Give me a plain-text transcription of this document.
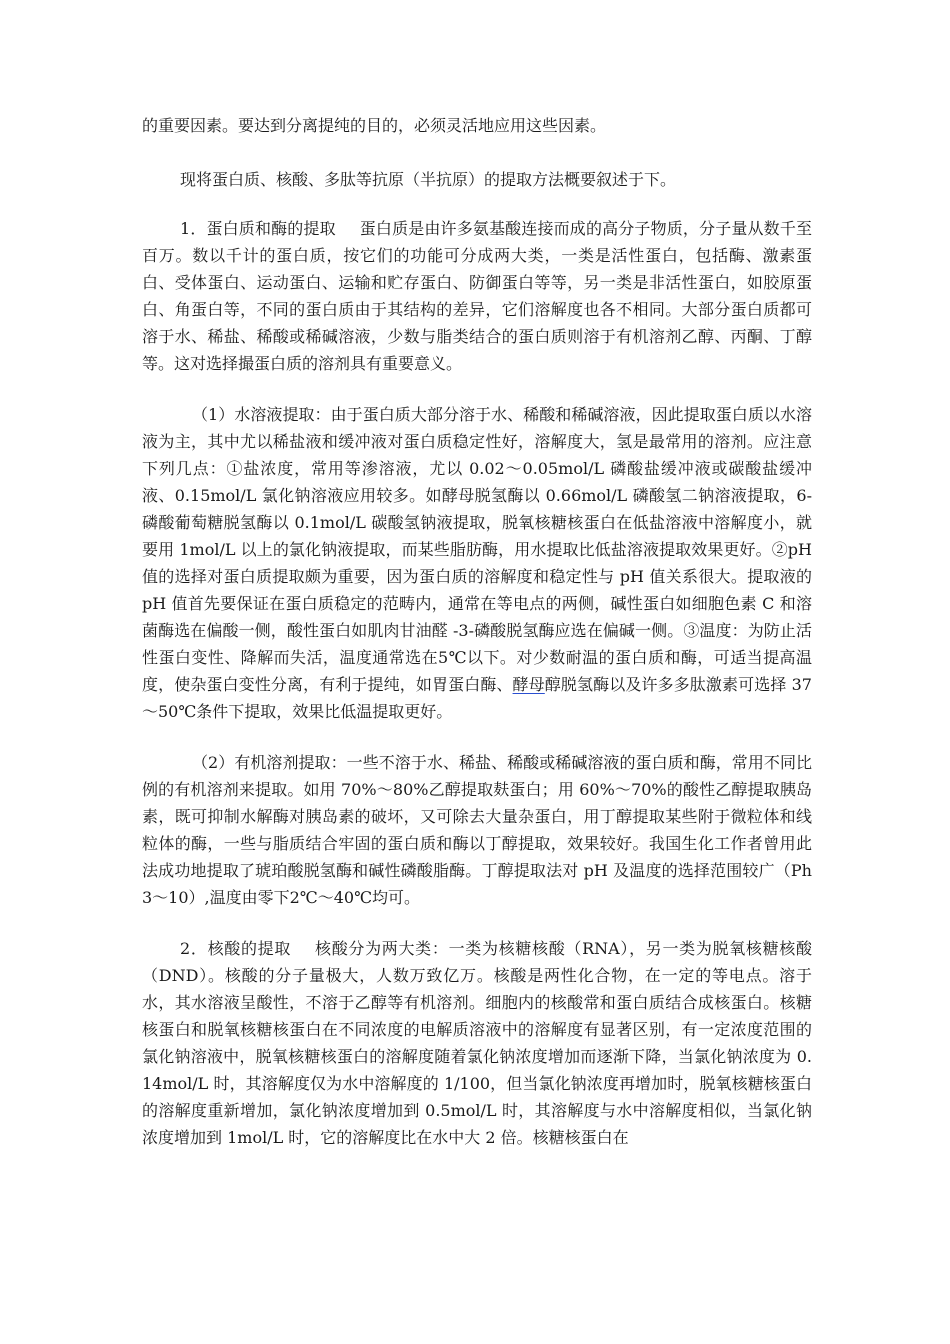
的重要因素。要达到分离提纯的目的，必须灵活地应用这些因素。

现将蛋白质、核酸、多肽等抗原（半抗原）的提取方法概要叙述于下。

1．蛋白质和酶的提取 蛋白质是由许多氨基酸连接而成的高分子物质，分子量从数千至百万。数以千计的蛋白质，按它们的功能可分成两大类，一类是活性蛋白，包括酶、激素蛋白、受体蛋白、运动蛋白、运输和贮存蛋白、防御蛋白等等，另一类是非活性蛋白，如胶原蛋白、角蛋白等，不同的蛋白质由于其结构的差异，它们溶解度也各不相同。大部分蛋白质都可溶于水、稀盐、稀酸或稀碱溶液，少数与脂类结合的蛋白质则溶于有机溶剂乙醇、丙酮、丁醇等。这对选择撮蛋白质的溶剂具有重要意义。

（1）水溶液提取：由于蛋白质大部分溶于水、稀酸和稀碱溶液，因此提取蛋白质以水溶液为主，其中尤以稀盐液和缓冲液对蛋白质稳定性好，溶解度大，氢是最常用的溶剂。应注意下列几点：①盐浓度，常用等渗溶液，尤以 0.02～0.05mol/L 磷酸盐缓冲液或碳酸盐缓冲液、0.15mol/L 氯化钠溶液应用较多。如酵母脱氢酶以 0.66mol/L 磷酸氢二钠溶液提取，6-磷酸葡萄糖脱氢酶以 0.1mol/L 碳酸氢钠液提取，脱氧核糖核蛋白在低盐溶液中溶解度小，就要用 1mol/L 以上的氯化钠液提取，而某些脂肪酶，用水提取比低盐溶液提取效果更好。②pH 值的选择对蛋白质提取颇为重要，因为蛋白质的溶解度和稳定性与 pH 值关系很大。提取液的 pH 值首先要保证在蛋白质稳定的范畴内，通常在等电点的两侧，碱性蛋白如细胞色素 C 和溶菌酶选在偏酸一侧，酸性蛋白如肌肉甘油醛 -3-磷酸脱氢酶应选在偏碱一侧。③温度：为防止活性蛋白变性、降解而失活，温度通常选在5℃以下。对少数耐温的蛋白质和酶，可适当提高温度，使杂蛋白变性分离，有利于提纯，如胃蛋白酶、酵母醇脱氢酶以及许多多肽激素可选择 37～50℃条件下提取，效果比低温提取更好。

（2）有机溶剂提取：一些不溶于水、稀盐、稀酸或稀碱溶液的蛋白质和酶，常用不同比例的有机溶剂来提取。如用 70%～80%乙醇提取麸蛋白；用 60%～70%的酸性乙醇提取胰岛素，既可抑制水解酶对胰岛素的破坏，又可除去大量杂蛋白，用丁醇提取某些附于微粒体和线粒体的酶，一些与脂质结合牢固的蛋白质和酶以丁醇提取，效果较好。我国生化工作者曾用此法成功地提取了琥珀酸脱氢酶和碱性磷酸脂酶。丁醇提取法对 pH 及温度的选择范围较广（Ph3～10）,温度由零下2℃～40℃均可。

2．核酸的提取 核酸分为两大类：一类为核糖核酸（RNA），另一类为脱氧核糖核酸（DND）。核酸的分子量极大，人数万致亿万。核酸是两性化合物，在一定的等电点。溶于水，其水溶液呈酸性，不溶于乙醇等有机溶剂。细胞内的核酸常和蛋白质结合成核蛋白。核糖核蛋白和脱氧核糖核蛋白在不同浓度的电解质溶液中的溶解度有显著区别，有一定浓度范围的氯化钠溶液中，脱氧核糖核蛋白的溶解度随着氯化钠浓度增加而逐渐下降，当氯化钠浓度为 0.14mol/L 时，其溶解度仅为水中溶解度的 1/100，但当氯化钠浓度再增加时，脱氧核糖核蛋白的溶解度重新增加，氯化钠浓度增加到 0.5mol/L 时，其溶解度与水中溶解度相似，当氯化钠浓度增加到 1mol/L 时，它的溶解度比在水中大 2 倍。核糖核蛋白在
